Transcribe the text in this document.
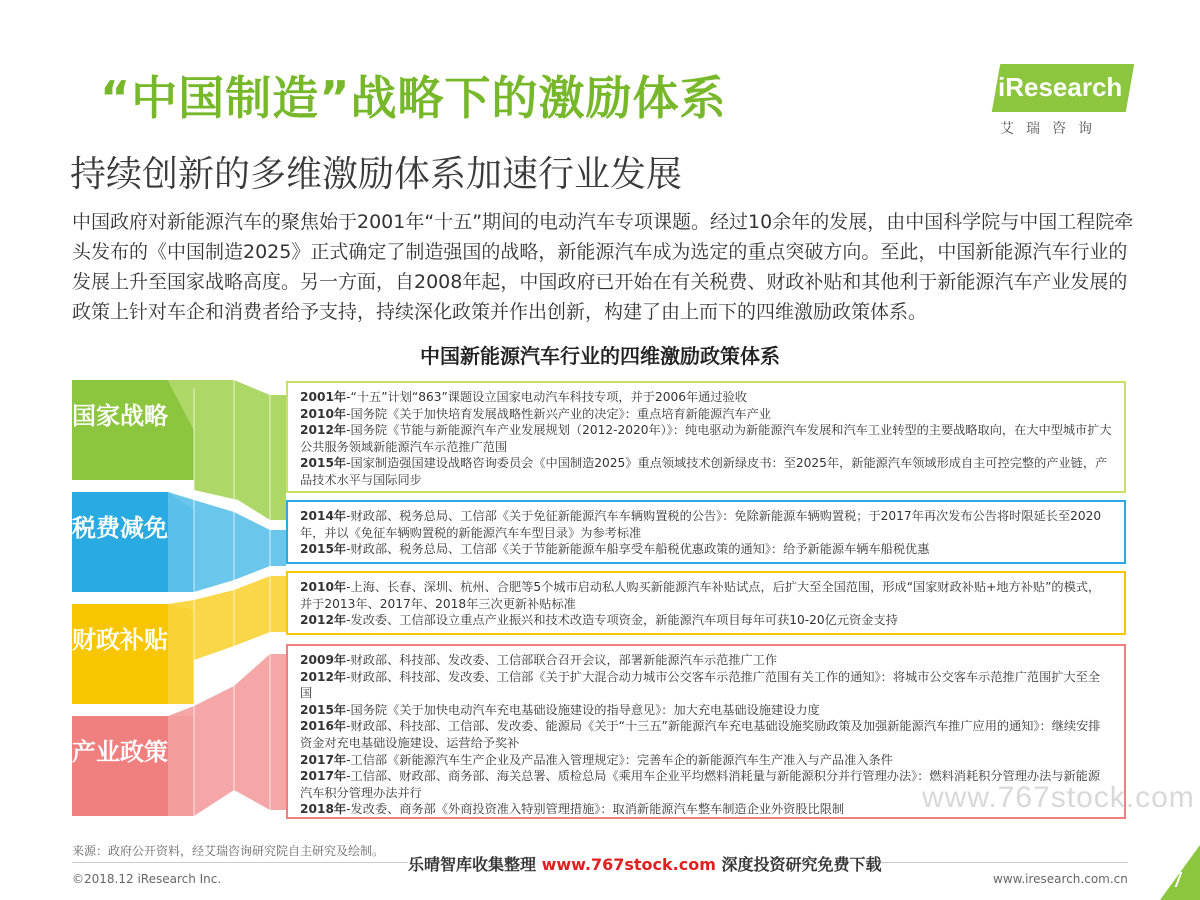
“中国制造”战略下的激励体系
持续创新的多维激励体系加速行业发展
iResearch
艾瑞咨询
中国政府对新能源汽车的聚焦始于2001年“十五”期间的电动汽车专项课题。经过10余年的发展，由中国科学院与中国工程院牵头发布的《中国制造2025》正式确定了制造强国的战略，新能源汽车成为选定的重点突破方向。至此，中国新能源汽车行业的发展上升至国家战略高度。另一方面，自2008年起，中国政府已开始在有关税费、财政补贴和其他利于新能源汽车产业发展的政策上针对车企和消费者给予支持，持续深化政策并作出创新，构建了由上而下的四维激励政策体系。
中国新能源汽车行业的四维激励政策体系
国家战略
税费减免
财政补贴
产业政策

2001年-“十五”计划“863”课题设立国家电动汽车科技专项，并于2006年通过验收

2010年-国务院《关于加快培育发展战略性新兴产业的决定》：重点培育新能源汽车产业

2012年-国务院《节能与新能源汽车产业发展规划（2012-2020年）》：纯电驱动为新能源汽车发展和汽车工业转型的主要战略取向，在大中型城市扩大公共服务领域新能源汽车示范推广范围

2015年-国家制造强国建设战略咨询委员会《中国制造2025》重点领域技术创新绿皮书：至2025年，新能源汽车领域形成自主可控完整的产业链，产品技术水平与国际同步

2014年-财政部、税务总局、工信部《关于免征新能源汽车车辆购置税的公告》：免除新能源车辆购置税；于2017年再次发布公告将时限延长至2020年，并以《免征车辆购置税的新能源汽车车型目录》为参考标准

2015年-财政部、税务总局、工信部《关于节能新能源车船享受车船税优惠政策的通知》：给予新能源车辆车船税优惠

2010年-上海、长春、深圳、杭州、合肥等5个城市启动私人购买新能源汽车补贴试点，后扩大至全国范围，形成“国家财政补贴+地方补贴”的模式，并于2013年、2017年、2018年三次更新补贴标准

2012年-发改委、工信部设立重点产业振兴和技术改造专项资金，新能源汽车项目每年可获10-20亿元资金支持

2009年-财政部、科技部、发改委、工信部联合召开会议，部署新能源汽车示范推广工作

2012年-财政部、科技部、发改委、工信部《关于扩大混合动力城市公交客车示范推广范围有关工作的通知》：将城市公交客车示范推广范围扩大至全国

2015年-国务院《关于加快电动汽车充电基础设施建设的指导意见》：加大充电基础设施建设力度

2016年-财政部、科技部、工信部、发改委、能源局《关于“十三五”新能源汽车充电基础设施奖励政策及加强新能源汽车推广应用的通知》：继续安排资金对充电基础设施建设、运营给予奖补

2017年-工信部《新能源汽车生产企业及产品准入管理规定》：完善车企的新能源汽车生产准入与产品准入条件

2017年-工信部、财政部、商务部、海关总署、质检总局《乘用车企业平均燃料消耗量与新能源积分并行管理办法》：燃料消耗积分管理办法与新能源汽车积分管理办法并行

2018年-发改委、商务部《外商投资准入特别管理措施》：取消新能源汽车整车制造企业外资股比限制	www.767stock.com
来源：政府公开资料，经艾瑞咨询研究院自主研究及绘制。
乐晴智库收集整理 www.767stock.com 深度投资研究免费下载
©2018.12 iResearch Inc.	www.iresearch.com.cn 7
